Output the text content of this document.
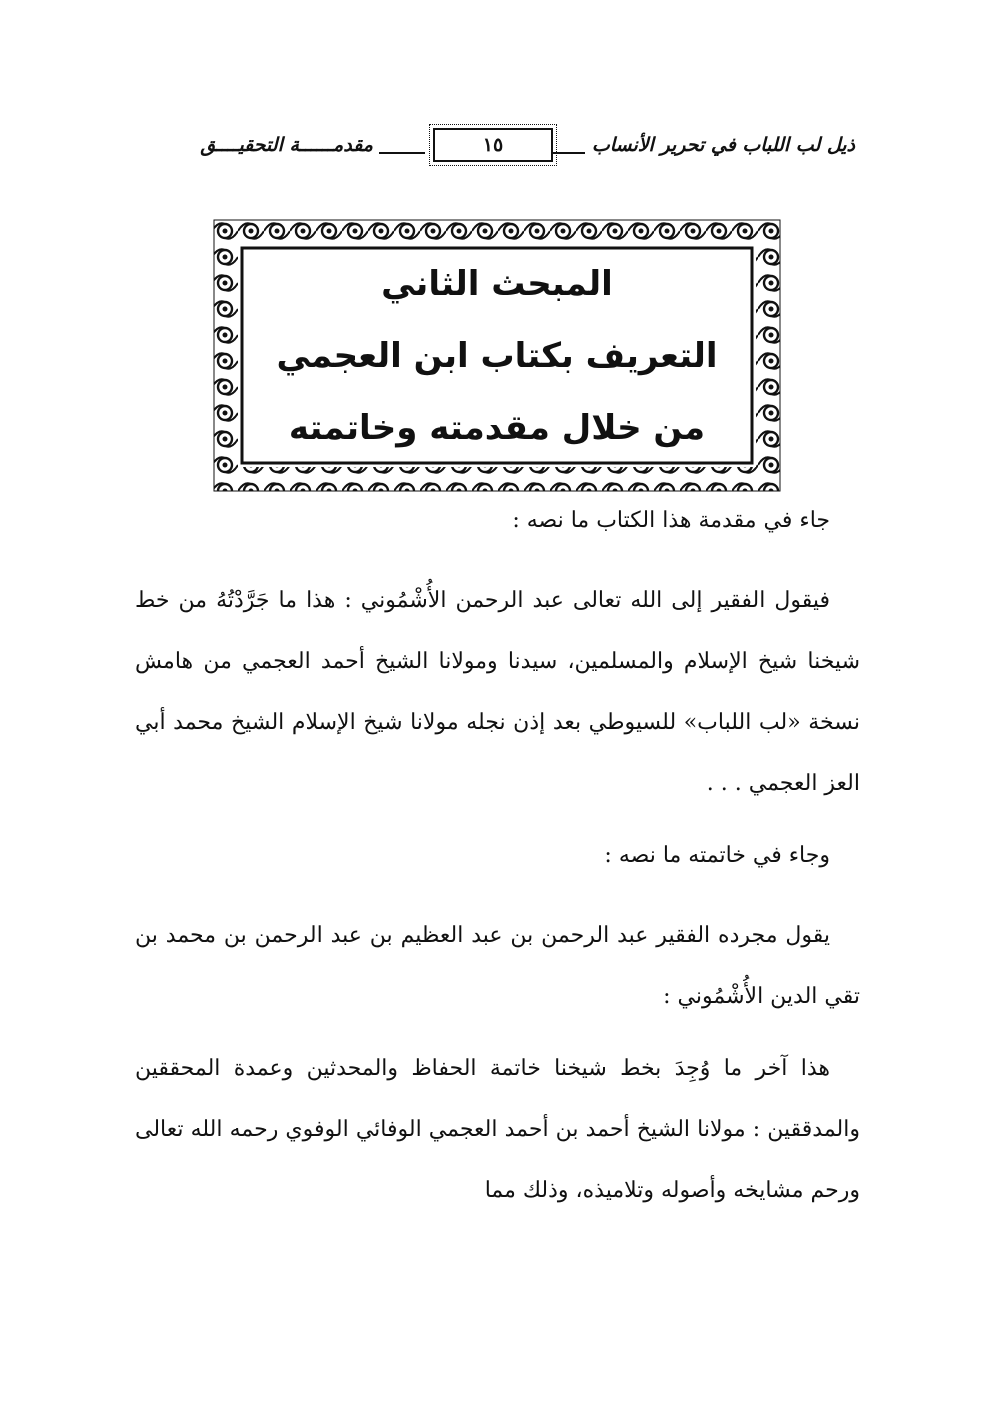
ذيل لب اللباب في تحرير الأنساب
١٥
مقدمــــــة التحقيــــق
المبحث الثاني
التعريف بكتاب ابن العجمي
من خلال مقدمته وخاتمته
جاء في مقدمة هذا الكتاب ما نصه :
فيقول الفقير إلى الله تعالى عبد الرحمن الأُشْمُوني : هذا ما جَرَّدْتُهُ من خط شيخنا شيخ الإسلام والمسلمين، سيدنا ومولانا الشيخ أحمد العجمي من هامش نسخة «لب اللباب» للسيوطي بعد إذن نجله مولانا شيخ الإسلام الشيخ محمد أبي العز العجمي . . .
وجاء في خاتمته ما نصه :
يقول مجرده الفقير عبد الرحمن بن عبد العظيم بن عبد الرحمن بن محمد بن تقي الدين الأُشْمُوني :
هذا آخر ما وُجِدَ بخط شيخنا خاتمة الحفاظ والمحدثين وعمدة المحققين والمدققين : مولانا الشيخ أحمد بن أحمد العجمي الوفائي الوفوي رحمه الله تعالى ورحم مشايخه وأصوله وتلاميذه، وذلك مما
